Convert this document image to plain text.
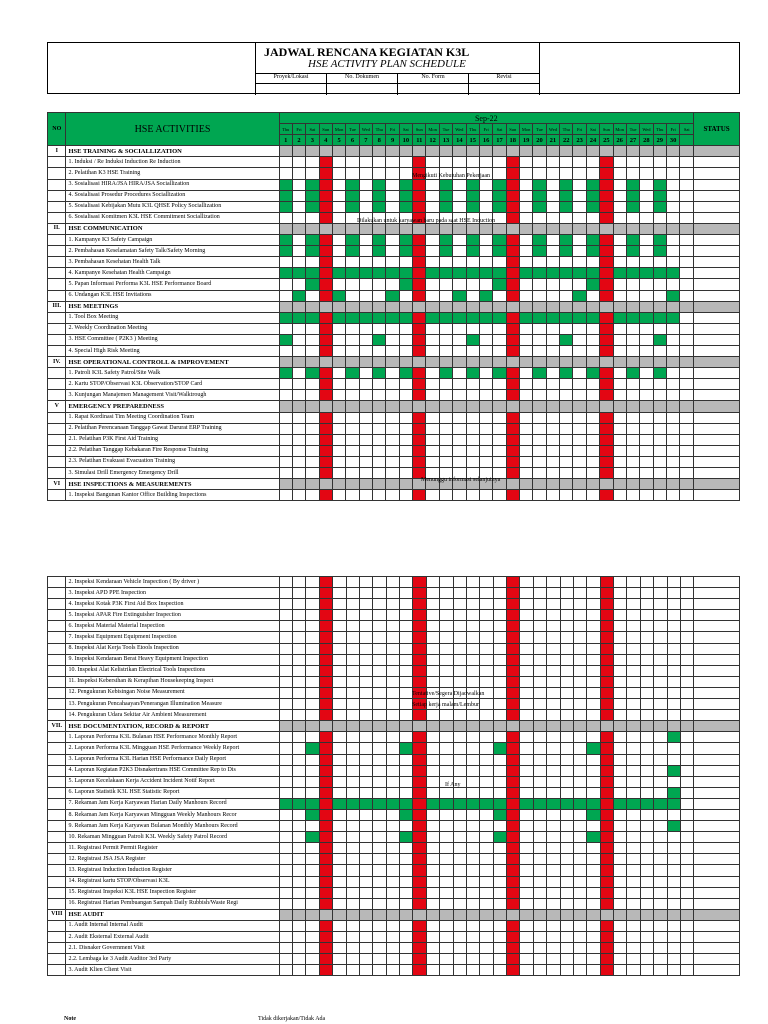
JADWAL RENCANA KEGIATAN K3L
HSE ACTIVITY PLAN SCHEDULE
Proyek/Lokasi	No. Dokumen	No. Form	Revisi
NO	HSE ACTIVITIES	Sep-22																															STATUS
		Thu	Fri	Sat	Sun	Mon	Tue	Wed	Thu	Fri	Sat	Sun	Mon	Tue	Wed	Thu	Fri	Sat	Sun	Mon	Tue	Wed	Thu	Fri	Sat	Sun	Mon	Tue	Wed	Thu	Fri	Sat	
		1	2	3	4	5	6	7	8	9	10	11	12	13	14	15	16	17	18	19	20	21	22	23	24	25	26	27	28	29	30		
I	HSE TRAINING & SOCIALLIZATION																																
	1. Induksi / Re Induksi Induction Re Induction																																
	2. Pelatihan K3 HSE Training																																
	3. Sosialisasi HIRA/JSA HIRA/JSA Sociallization																																
	4. Sosialisasi Prosedur Procedures Sociallization																																
	5. Sosialisasi Kebijakan Mutu K3L QHSE Policy Sociallization																																
	6. Sosialisasi Komitmen K3L HSE Commitment Sociallization																																
II.	HSE COMMUNICATION																																
	1. Kampanye K3 Safety Campaign																																
	2. Pembahasan Keselamatan Safety Talk/Safety Morning																																
	3. Pembahasan Kesehatan Health Talk																																
	4. Kampanye Kesehatan Health Campaign																																
	5. Papan Informasi Performa K3L HSE Performance Board																																
	6. Undangan K3L HSE Invitations																																
III.	HSE MEETINGS																																
	1. Tool Box Meeting																																
	2. Weekly Coordination Meeting																																
	3. HSE Committee ( P2K3 ) Meeting																																
	4. Special High Risk Meeting																																
IV.	HSE OPERATIONAL CONTROLL & IMPROVEMENT																																
	1. Patroli K3L Safety Patrol/Site Walk																																
	2. Kartu STOP/Observasi K3L Observation/STOP Card																																
	3. Kunjungan Manajemen Management Visit/Walktrough																																
V	EMERGENCY PREPAREDNESS																																
	1. Rapat Kordinasi Tim Meeting Coordination Team																																
	2. Pelatihan Perencanaan Tanggap Gawat Darurat ERP Training																																
	2.1. Pelatihan P3K First Aid Training																																
	2.2. Pelatihan Tanggap Kebakaran Fire Response Training																																
	2.3. Pelatihan Evakuasi Evacuation Training																																
	3. Simulasi Drill Emergency Emergency Drill																																
VI	HSE INSPECTIONS & MEASUREMENTS																																
	1. Inspeksi Bangunan Kantor Office Building Inspections																																
	2. Inspeksi Kendaraan Vehicle Inspection ( By driver )																																
	3. Inspeksi APD PPE Inspection																																
	4. Inspeksi Kotak P3K First Aid Box Inspection																																
	5. Inspeksi APAR Fire Extinguisher Inspection																																
	6. Inspeksi Material Material Inspection																																
	7. Inspeksi Equipment Equipment Inspection																																
	8. Inspeksi Alat Kerja Tools Etools Inspection																																
	9. Inspeksi Kendaraan Berat Heavy Equipment Inspection																																
	10. Inspeksi Alat Kelistrikan Electrical Tools Inspections																																
	11. Inspeksi Kebersihan & Kerapihan Housekeeping Inspect																																
	12. Pengukuran Kebisingan Noise Measurement																																
	13. Pengukuran Pencahaayan/Penerangan Illumination Measure																																
	14. Pengukuran Udara Sekitar Air Ambient Measurement																																
VII.	HSE DOCUMENTATION, RECORD & REPORT																																
	1. Laporan Performa K3L Bulanan HSE Performance Monthly Report																																
	2. Laporan Performa K3L Mingguan HSE Performance Weekly Report																																
	3. Laporan Performa K3L Harian HSE Performance Daily Report																																
	4. Laporan Kegiatan P2K3 Disnakertrans HSE Committee Rep to Dis																																
	5. Laporan Kecelakaan Kerja Accident Incident Notif Report																																
	6. Laporan Statistik K3L HSE Statistic Report																																
	7. Rekaman Jam Kerja Karyawan Harian Daily Manhours Record																																
	8. Rekaman Jam Kerja Karyawan Mingguan Weekly Manhours Recor																																
	9. Rekaman Jam Kerja Karyawan Bulanan Monthly Manhours Record																																
	10. Rekaman Mingguan Patroli K3L Weekly Safety Patrol Record																																
	11. Registrasi Permit Permit Register																																
	12. Registrasi JSA JSA Register																																
	13. Registrasi Induction Induction Register																																
	14. Registrasi kartu STOP/Observasi K3L																																
	15. Registrasi Inspeksi K3L HSE Inspection Register																																
	16. Registrasi Harian Pembuangan Sampah Daily Rubbish/Waste Regi																																
VIII	HSE AUDIT																																
	1. Audit Internal Internal Audit																																
	2. Audit Eksternal External Audit																																
	2.1. Disnaker Government Visit																																
	2.2. Lembaga ke 3 Audit Auditor 3rd Party																																
	3. Audit Klien Client Visit																																
Mengikuti Kebutuhan Pekerjaan
Dilakukan untuk karyawan baru pada saat HSE Induction
Menunggu informasi selanjutnya
Tentative/Segera Dijadwalkan
Setiap kerja malam/Lembur
If Any
Note	Tidak dikerjakan/Tidak Ada
